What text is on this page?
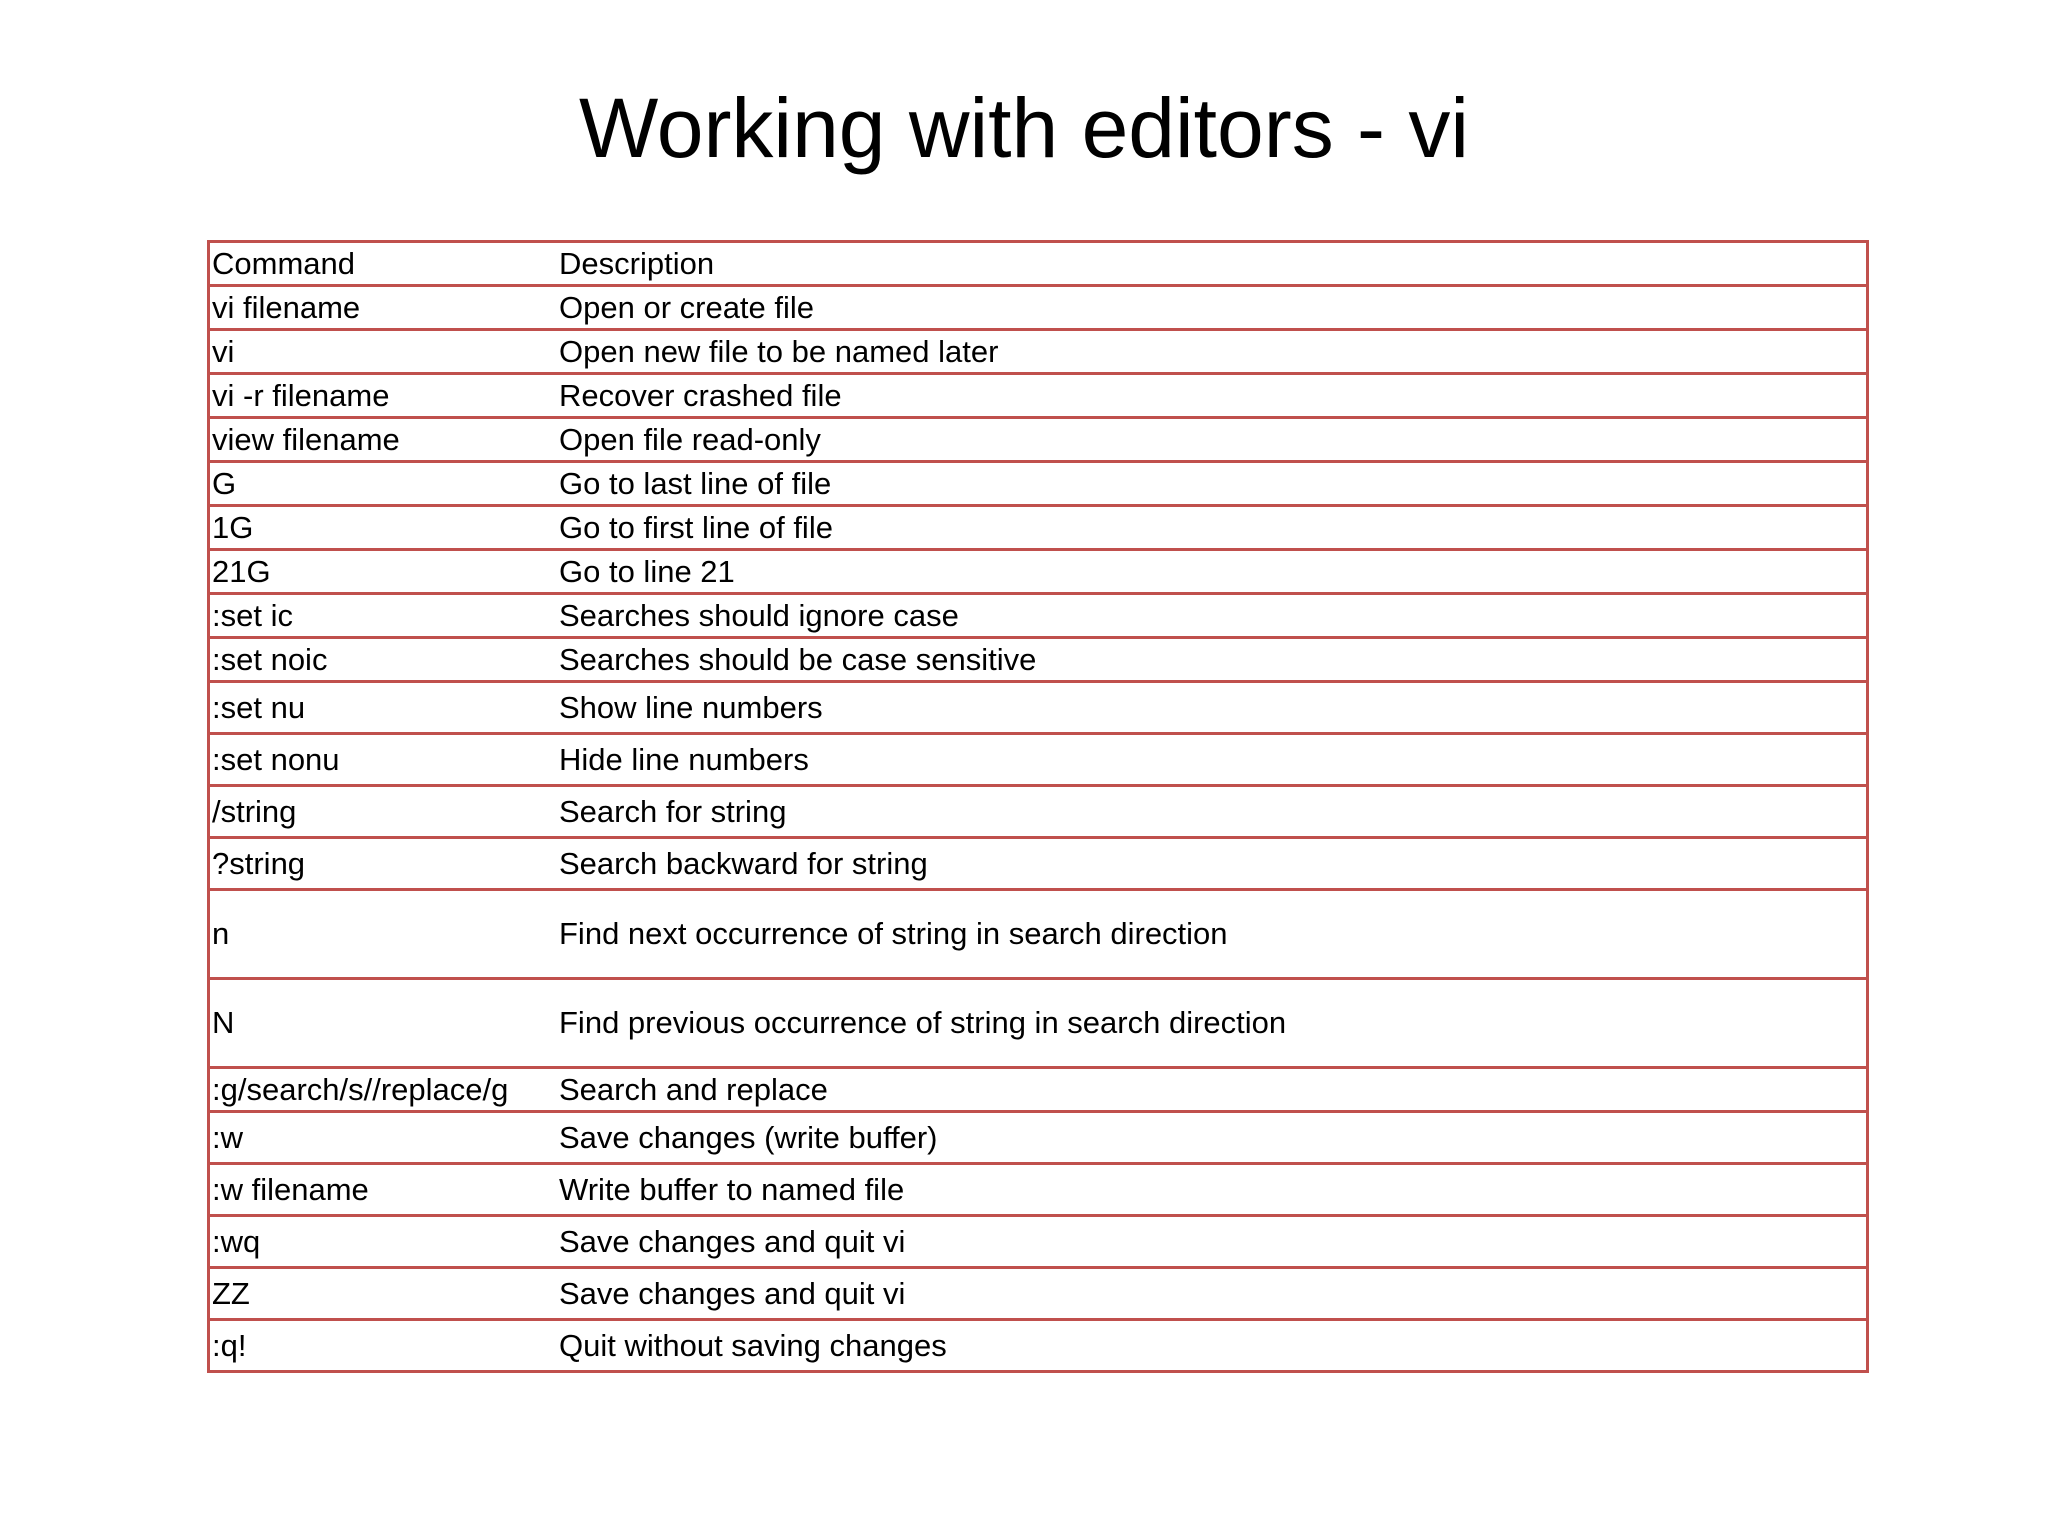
Working with editors - vi
Command	Description
vi filename	Open or create file
vi	Open new file to be named later
vi -r filename	Recover crashed file
view filename	Open file read-only
G	Go to last line of file
1G	Go to first line of file
21G	Go to line 21
:set ic	Searches should ignore case
:set noic	Searches should be case sensitive
:set nu	Show line numbers
:set nonu	Hide line numbers
/string	Search for string
?string	Search backward for string
n	Find next occurrence of string in search direction
N	Find previous occurrence of string in search direction
:g/search/s//replace/g	Search and replace
:w	Save changes (write buffer)
:w filename	Write buffer to named file
:wq	Save changes and quit vi
ZZ	Save changes and quit vi
:q!	Quit without saving changes
